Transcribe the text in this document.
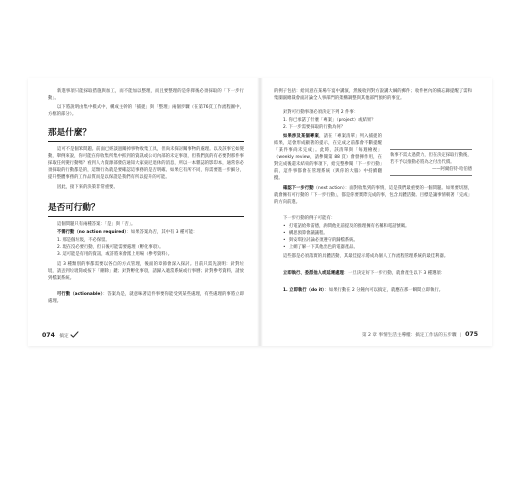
新進事項只能採取措施與加工，而不能加以整理，而且要整理的是你擇後必須採取的「下一步行動」。

以下將說明由集中模式中，構成主幹的「捕捉」與「整理」兩個步驟（在第76頁工作流程圖中，方框的部分）。

那是什麼？

這可不是個笨問題。前面已經談過關掉事物收集工具，但尚未探討關事物的處理。以及該事它如變動，舉例來說，你可能在你收集所集中抓到的資訊或公司內部的未定事項，但我們真的有必要對那件事採取任何變行動嗎？看到人力資源部發信通知大家東尼退休的消息，所以一本雜誌的影印本，通常你必須採取的行動都是的，這類行為就是要確認這事務的是否明確。如果它有所不同，你需要進一步細分，提升整體事務的工作品質而是以保證是我們有所以提升的可能。

因此，接下來的決策非常重要。

是否可行動？

這個問題只有兩種答案：「是」與「否」。

不需行動（no action required）：如果答案為否，其中有 3 種可能：

1. 那是個垃圾，不必保留。
2. 現在沒必要行動，但日後可能需要處理（孵化事項）。
3. 這可能是有用的資訊，或許將來會派上用場（參考資料）。

這 3 種類別的事都需要以各自的方式管理，後面的章節會深入探討。目前只需先說明：針對垃圾，請丟到垃圾筒或按下「刪除」鍵；針對孵化事項，請歸入適當系統或行事曆；針對參考資料，請放到檔案系統。

可行動（actionable）：答案為是，就意味著這件事要你能受到某些處理，有些處理的事將立即處理。

074 搞定

的例子包括：給同意在某場午宴中講演，然後收到對方說講大綱的郵件；收件匣內的備忘錄提醒了需和集團副總裁會面討論全人事部門的架構調整與其他部門預約的事宜。

針對可行動事項必須決定下列 2 件事：

1. 你已承諾了什麼「專案」（project）或結果？

2. 下一步需要採取的行動為何？

如果涉及某個專案，請在「專案清單」列入捕捉的結果，這會形成顯著的提示，在完成之前都會不斷提醒「某件事尚未完成」。此時，該清單與「每週檢視」（weekly review，請參閱第 88 頁）會發揮作用，在對完成後還未結束的事項下，給完整參閱「下一步行動」前，這件事都會在管理系統（與你的大腦）中持續翻攪。

執事不需太過費力，但在決定採取行動後，若不予以推動必將為之付出代價。
——阿爾伯特·哈伯德

確認下一步行動（next action）：面對收集到的事情，這是我們最重要的一個問題。如果要切割，就會擁有可行動的「下一步行動」，都是你要實際完成的事，包含具體活動。目標是讓事情朝著「完成」的方向前進。

下一步行動的例子可能有：

• 打電話給弗雷德，詢問他先前提及的推理擁有名稱和電話號碼。
• 構思預算會議議程。
• 與安琪拉討論必須遵守的歸檔系統。
• 上網了解一下其他出色的電器產品。

這些都是必須落實的具體活動，其最佳提示將成為個人工作流程管理系統的最佳利器。

立即執行、委派他人或延遲處理：一旦決定好下一步行動，就會產生以下 3 種選項：

1. 立即執行（do it）：如果行動在 2 分鐘內可以搞定，就應在那一瞬間立即執行。

第 2 章 事情生活主導權：搞定工作法的五步驟 | 075
